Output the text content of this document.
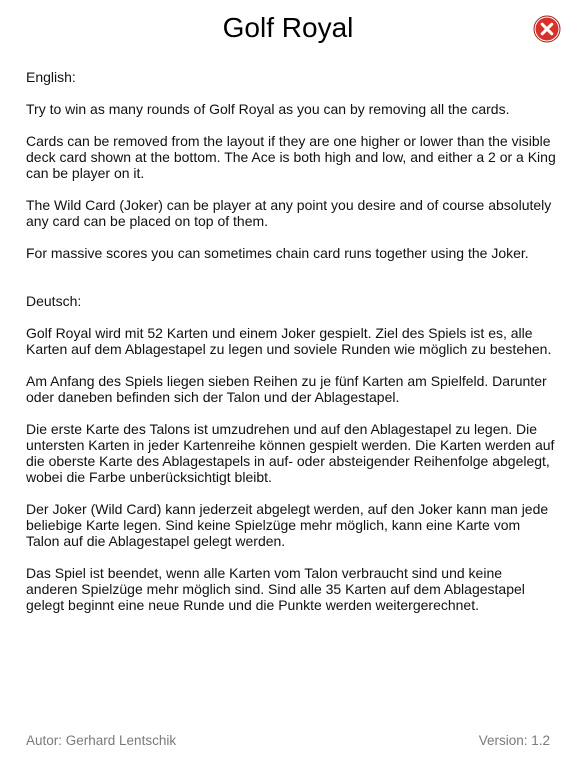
Golf Royal

English:

Try to win as many rounds of Golf Royal as you can by removing all the cards.

Cards can be removed from the layout if they are one higher or lower than the visible deck card shown at the bottom. The Ace is both high and low, and either a 2 or a King can be player on it.

The Wild Card (Joker) can be player at any point you desire and of course absolutely any card can be placed on top of them.

For massive scores you can sometimes chain card runs together using the Joker.

Deutsch:

Golf Royal wird mit 52 Karten und einem Joker gespielt. Ziel des Spiels ist es, alle Karten auf dem Ablagestapel zu legen und soviele Runden wie möglich zu bestehen.

Am Anfang des Spiels liegen sieben Reihen zu je fünf Karten am Spielfeld. Darunter oder daneben befinden sich der Talon und der Ablagestapel.

Die erste Karte des Talons ist umzudrehen und auf den Ablagestapel zu legen. Die untersten Karten in jeder Kartenreihe können gespielt werden. Die Karten werden auf die oberste Karte des Ablagestapels in auf- oder absteigender Reihenfolge abgelegt, wobei die Farbe unberücksichtigt bleibt.

Der Joker (Wild Card) kann jederzeit abgelegt werden, auf den Joker kann man jede beliebige Karte legen. Sind keine Spielzüge mehr möglich, kann eine Karte vom Talon auf die Ablagestapel gelegt werden.

Das Spiel ist beendet, wenn alle Karten vom Talon verbraucht sind und keine anderen Spielzüge mehr möglich sind. Sind alle 35 Karten auf dem Ablagestapel gelegt beginnt eine neue Runde und die Punkte werden weitergerechnet.

Autor: Gerhard Lentschik	Version: 1.2
